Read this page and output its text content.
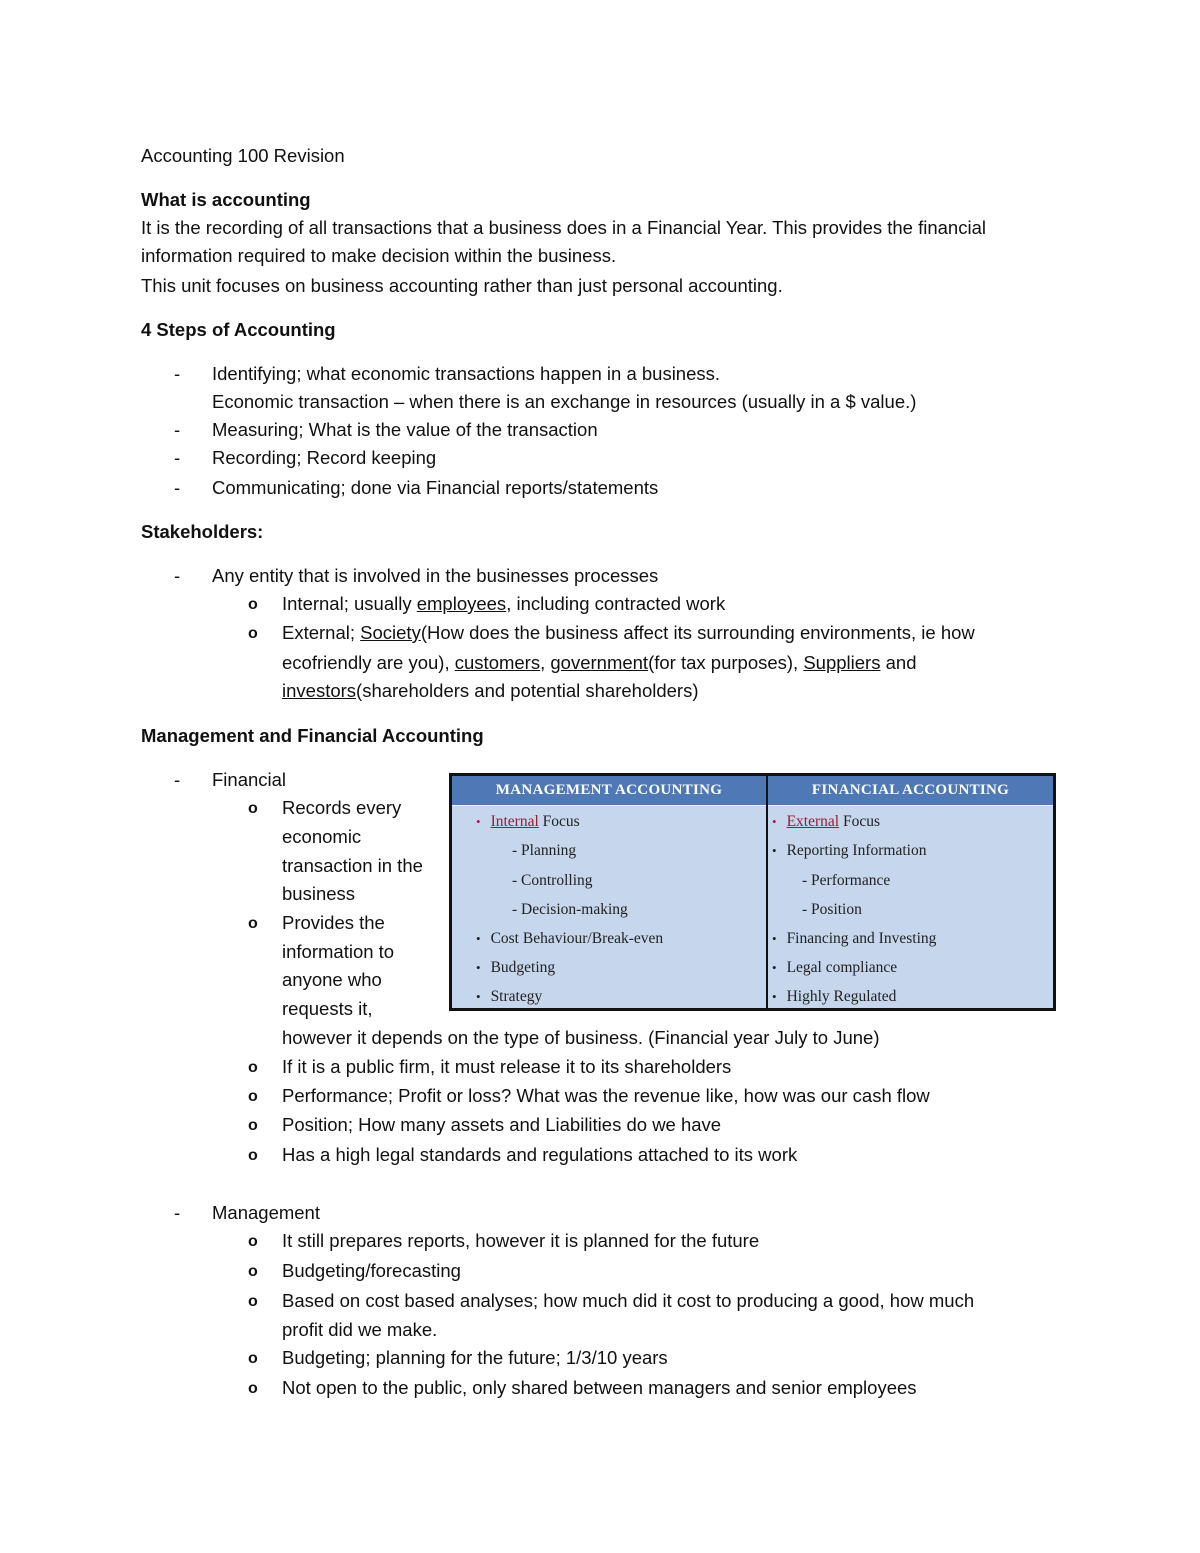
Accounting 100 Revision
What is accounting
It is the recording of all transactions that a business does in a Financial Year. This provides the financial
information required to make decision within the business.
This unit focuses on business accounting rather than just personal accounting.
4 Steps of Accounting
- Identifying; what economic transactions happen in a business.
Economic transaction – when there is an exchange in resources (usually in a $ value.)
- Measuring; What is the value of the transaction
- Recording; Record keeping
- Communicating; done via Financial reports/statements
Stakeholders:
- Any entity that is involved in the businesses processes
o Internal; usually employees, including contracted work
o External; Society(How does the business affect its surrounding environments, ie how
ecofriendly are you), customers, government(for tax purposes), Suppliers and
investors(shareholders and potential shareholders)
Management and Financial Accounting
- Financial
o Records every
economic
transaction in the
business
o Provides the
information to
anyone who
requests it,
however it depends on the type of business. (Financial year July to June)
o If it is a public firm, it must release it to its shareholders
o Performance; Profit or loss? What was the revenue like, how was our cash flow
o Position; How many assets and Liabilities do we have
o Has a high legal standards and regulations attached to its work
- Management
o It still prepares reports, however it is planned for the future
o Budgeting/forecasting
o Based on cost based analyses; how much did it cost to producing a good, how much
profit did we make.
o Budgeting; planning for the future; 1/3/10 years
o Not open to the public, only shared between managers and senior employees
MANAGEMENT ACCOUNTING	FINANCIAL ACCOUNTING
• Internal Focus
- Planning
- Controlling
- Decision-making
• Cost Behaviour/Break-even
• Budgeting
• Strategy
• External Focus
• Reporting Information
- Performance
- Position
• Financing and Investing
• Legal compliance
• Highly Regulated
